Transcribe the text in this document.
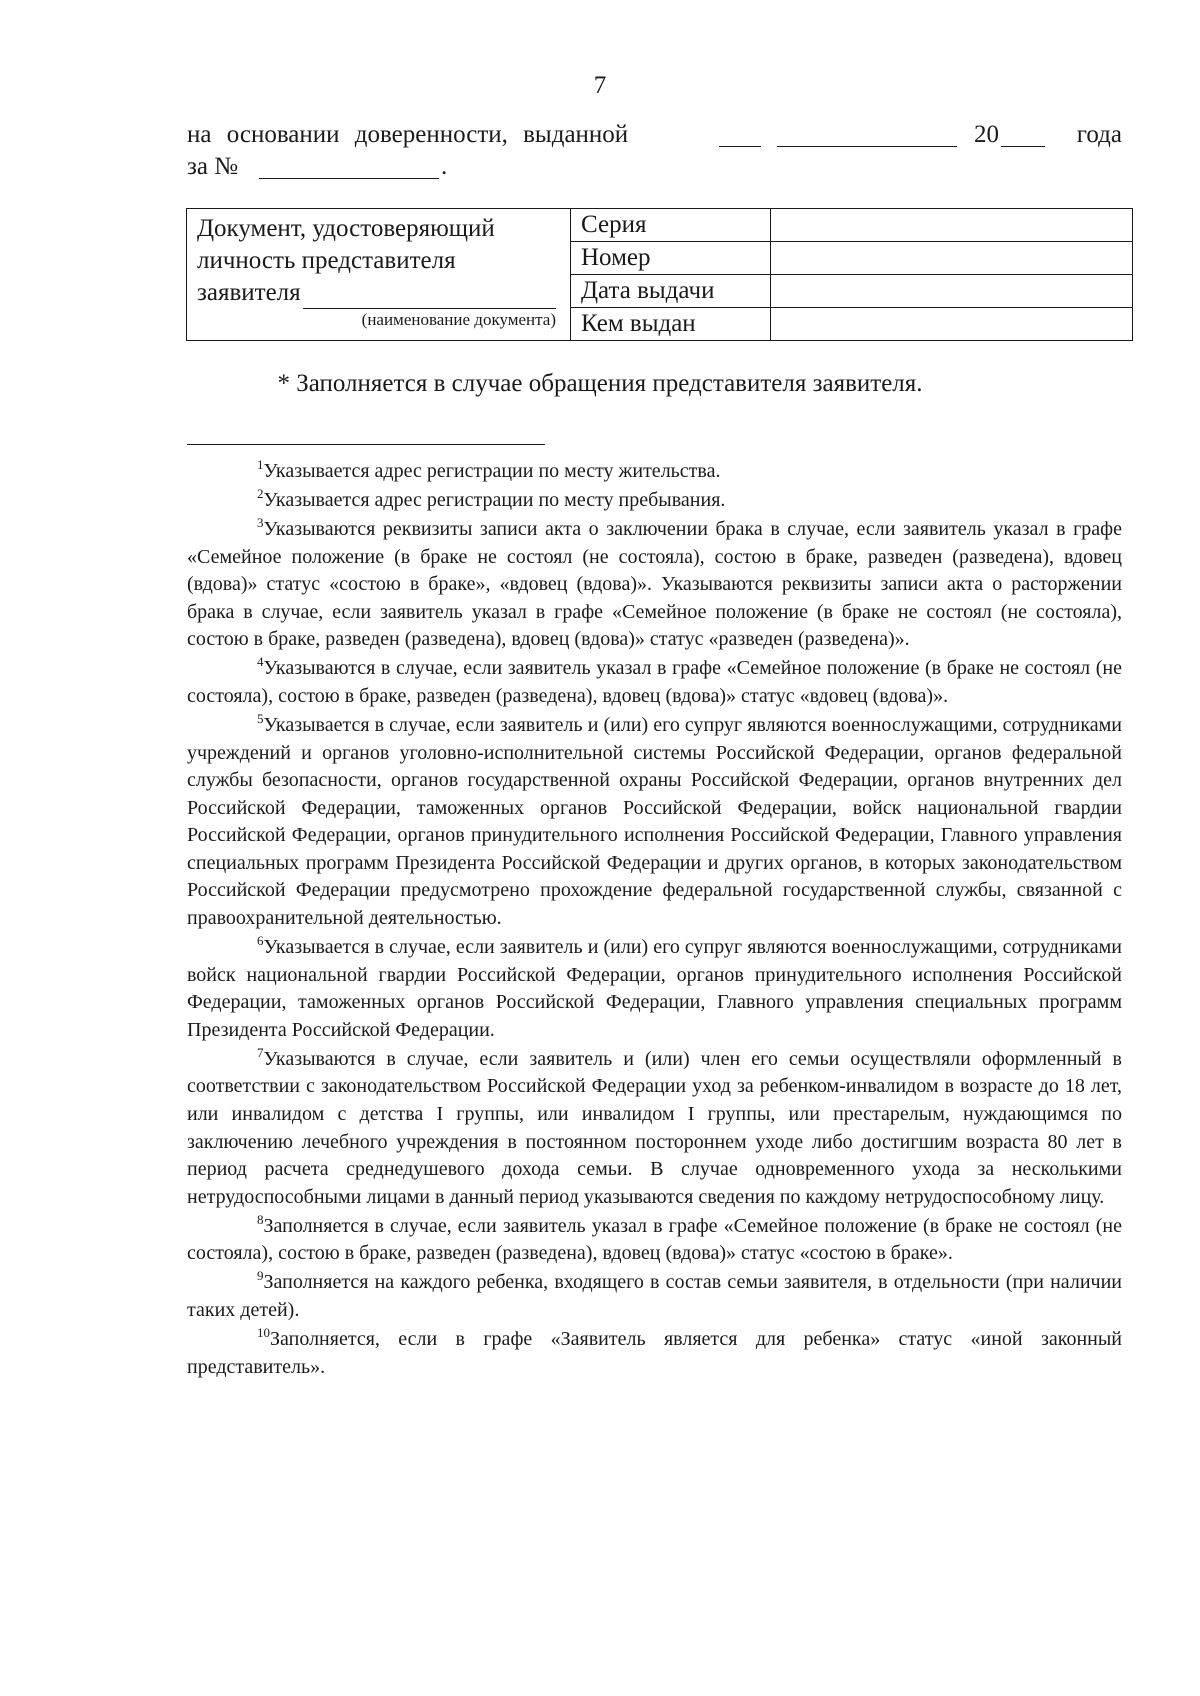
7
на основании доверенности, выданной	20	года
за №	.
Документ, удостоверяющий
личность представителя
заявителя
(наименование документа)	Серия	
	Номер	
	Дата выдачи	
	Кем выдан	
* Заполняется в случае обращения представителя заявителя.

$^1$Указывается адрес регистрации по месту жительства.

$^2$Указывается адрес регистрации по месту пребывания.

$^3$Указываются реквизиты записи акта о заключении брака в случае, если заявитель указал в графе «Семейное положение (в браке не состоял (не состояла), состою в браке, разведен (разведена), вдовец (вдова)» статус «состою в браке», «вдовец (вдова)». Указываются реквизиты записи акта о расторжении брака в случае, если заявитель указал в графе «Семейное положение (в браке не состоял (не состояла), состою в браке, разведен (разведена), вдовец (вдова)» статус «разведен (разведена)».

$^4$Указываются в случае, если заявитель указал в графе «Семейное положение (в браке не состоял (не состояла), состою в браке, разведен (разведена), вдовец (вдова)» статус «вдовец (вдова)».

$^5$Указывается в случае, если заявитель и (или) его супруг являются военнослужащими, сотрудниками учреждений и органов уголовно-исполнительной системы Российской Федерации, органов федеральной службы безопасности, органов государственной охраны Российской Федерации, органов внутренних дел Российской Федерации, таможенных органов Российской Федерации, войск национальной гвардии Российской Федерации, органов принудительного исполнения Российской Федерации, Главного управления специальных программ Президента Российской Федерации и других органов, в которых законодательством Российской Федерации предусмотрено прохождение федеральной государственной службы, связанной с правоохранительной деятельностью.

$^6$Указывается в случае, если заявитель и (или) его супруг являются военнослужащими, сотрудниками войск национальной гвардии Российской Федерации, органов принудительного исполнения Российской Федерации, таможенных органов Российской Федерации, Главного управления специальных программ Президента Российской Федерации.

$^7$Указываются в случае, если заявитель и (или) член его семьи осуществляли оформленный в соответствии с законодательством Российской Федерации уход за ребенком-инвалидом в возрасте до 18 лет, или инвалидом с детства I группы, или инвалидом I группы, или престарелым, нуждающимся по заключению лечебного учреждения в постоянном постороннем уходе либо достигшим возраста 80 лет в период расчета среднедушевого дохода семьи. В случае одновременного ухода за несколькими нетрудоспособными лицами в данный период указываются сведения по каждому нетрудоспособному лицу.

$^8$Заполняется в случае, если заявитель указал в графе «Семейное положение (в браке не состоял (не состояла), состою в браке, разведен (разведена), вдовец (вдова)» статус «состою в браке».

$^9$Заполняется на каждого ребенка, входящего в состав семьи заявителя, в отдельности (при наличии таких детей).

$^{10}$Заполняется, если в графе «Заявитель является для ребенка» статус «иной законный представитель».
